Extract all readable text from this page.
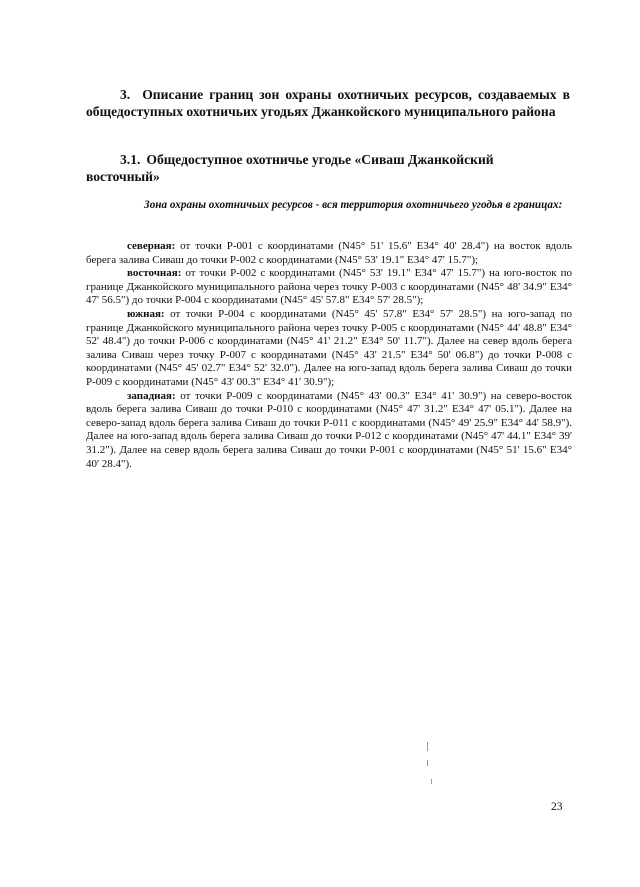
3. Описание границ зон охраны охотничьих ресурсов, создаваемых в общедоступных охотничьих угодьях Джанкойского муниципального района
3.1. Общедоступное охотничье угодье «Сиваш Джанкойский восточный»
Зона охраны охотничьих ресурсов - вся территория охотничьего угодья в границах:

северная: от точки Р-001 с координатами (N45° 51' 15.6" E34° 40' 28.4") на восток вдоль берега залива Сиваш до точки Р-002 с координатами (N45° 53' 19.1" E34° 47' 15.7");

восточная: от точки Р-002 с координатами (N45° 53' 19.1" E34° 47' 15.7") на юго-восток по границе Джанкойского муниципального района через точку Р-003 с координатами (N45° 48' 34.9" E34° 47' 56.5") до точки Р-004 с координатами (N45° 45' 57.8" E34° 57' 28.5");

южная: от точки Р-004 с координатами (N45° 45' 57.8" E34° 57' 28.5") на юго-запад по границе Джанкойского муниципального района через точку Р-005 с координатами (N45° 44' 48.8" E34° 52' 48.4") до точки Р-006 с координатами (N45° 41' 21.2" E34° 50' 11.7"). Далее на север вдоль берега залива Сиваш через точку Р-007 с координатами (N45° 43' 21.5" E34° 50' 06.8") до точки Р-008 с координатами (N45° 45' 02.7" E34° 52' 32.0"). Далее на юго-запад вдоль берега залива Сиваш до точки Р-009 с координатами (N45° 43' 00.3" E34° 41' 30.9");

западная: от точки Р-009 с координатами (N45° 43' 00.3" E34° 41' 30.9") на северо-восток вдоль берега залива Сиваш до точки Р-010 с координатами (N45° 47' 31.2" E34° 47' 05.1"). Далее на северо-запад вдоль берега залива Сиваш до точки Р-011 с координатами (N45° 49' 25.9" E34° 44' 58.9"). Далее на юго-запад вдоль берега залива Сиваш до точки Р-012 с координатами (N45° 47' 44.1" E34° 39' 31.2"). Далее на север вдоль берега залива Сиваш до точки Р-001 с координатами (N45° 51' 15.6" E34° 40' 28.4").

23
